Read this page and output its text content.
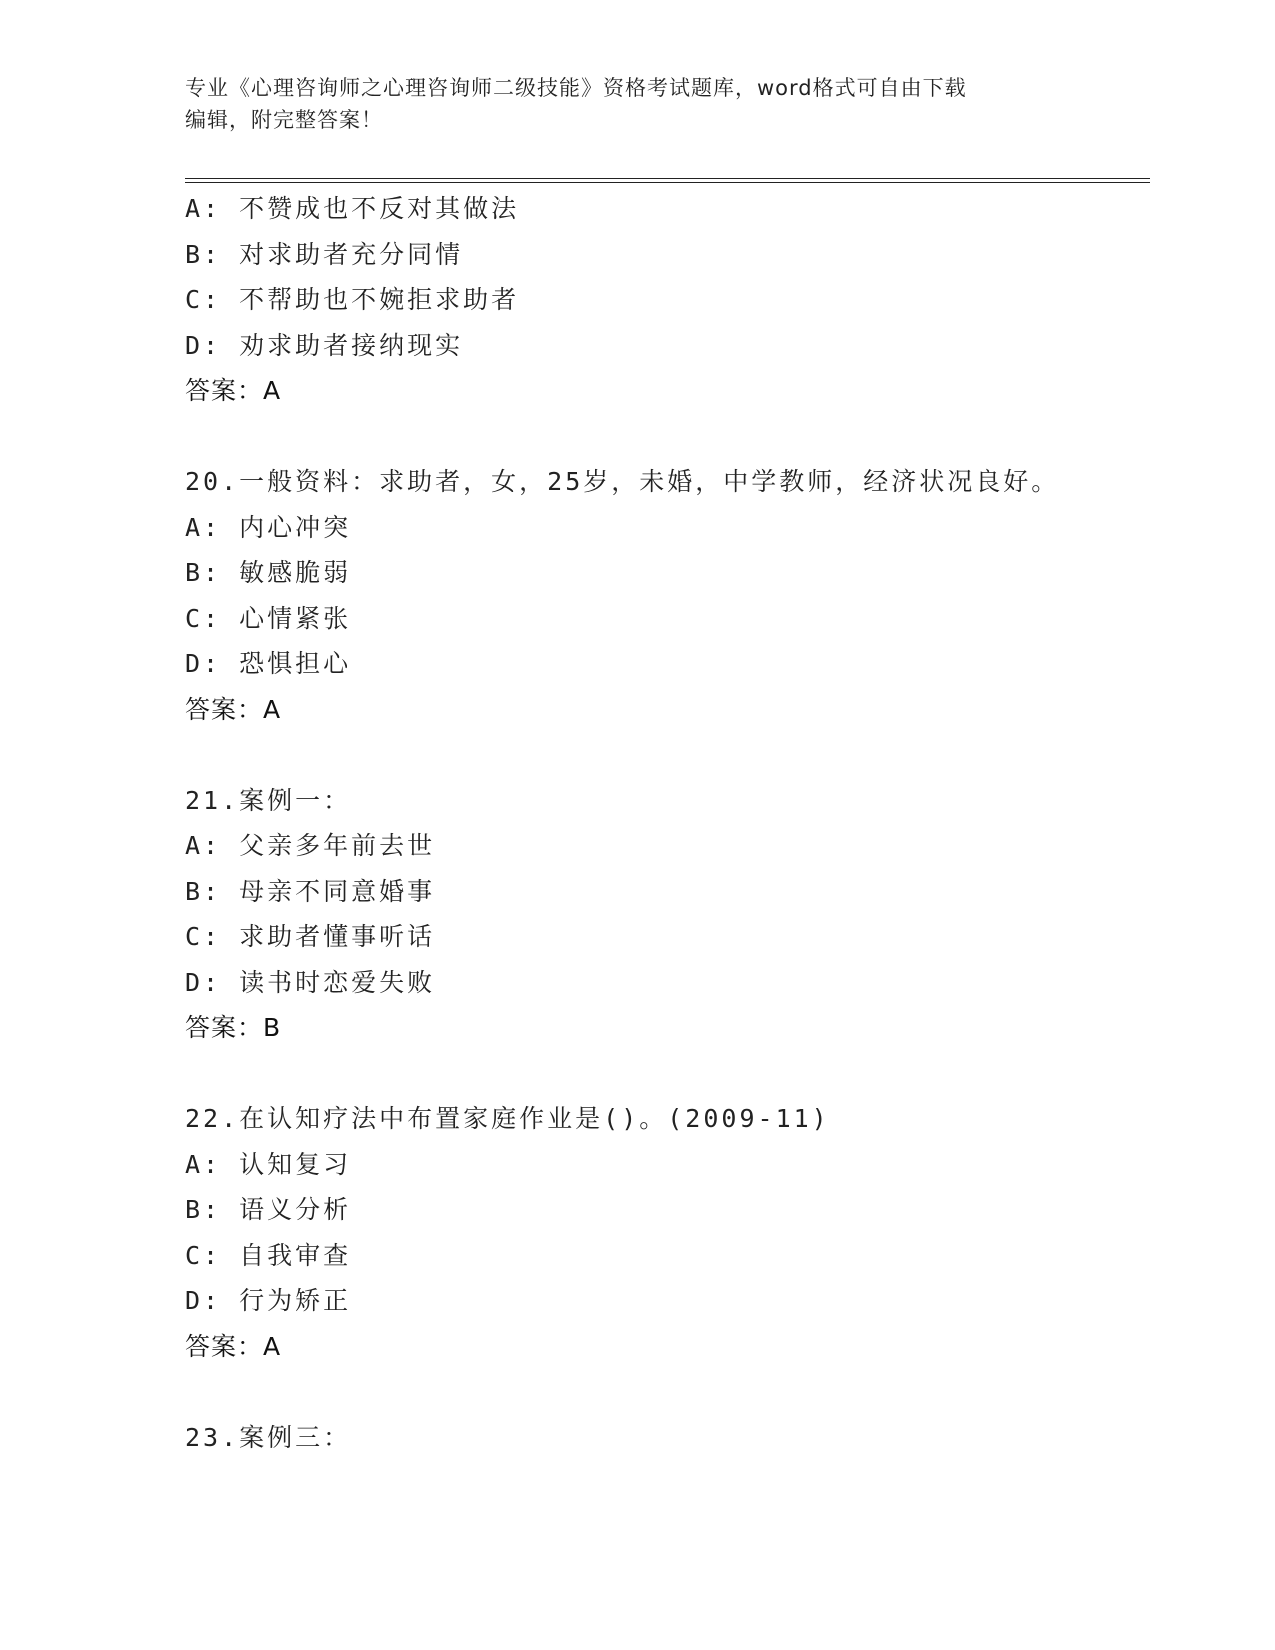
专业《心理咨询师之心理咨询师二级技能》资格考试题库，word格式可自由下载
编辑，附完整答案！
A: 不赞成也不反对其做法
B: 对求助者充分同情
C: 不帮助也不婉拒求助者
D: 劝求助者接纳现实
答案：A
20.一般资料：求助者，女，25岁，未婚，中学教师，经济状况良好。
A: 内心冲突
B: 敏感脆弱
C: 心情紧张
D: 恐惧担心
答案：A
21.案例一：
A: 父亲多年前去世
B: 母亲不同意婚事
C: 求助者懂事听话
D: 读书时恋爱失败
答案：B
22.在认知疗法中布置家庭作业是()。(2009-11)
A: 认知复习
B: 语义分析
C: 自我审查
D: 行为矫正
答案：A
23.案例三：
